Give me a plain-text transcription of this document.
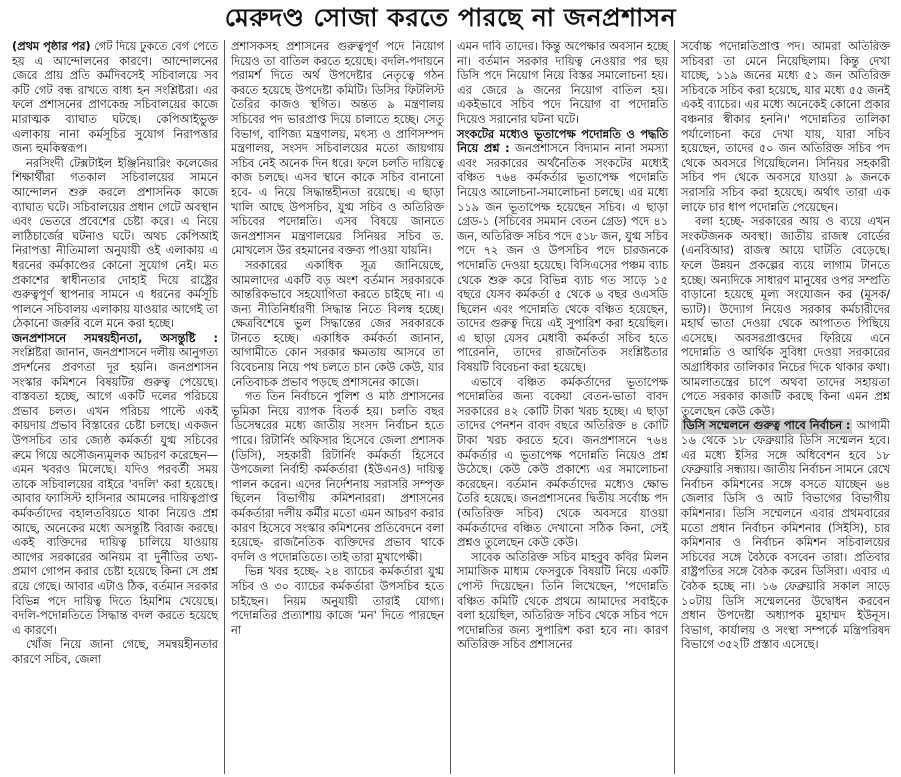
মেরুদণ্ড সোজা করতে পারছে না জনপ্রশাসন

(প্রথম পৃষ্ঠার পর) গেট দিয়ে ঢুকতে বেগ পেতে হয় এ আন্দোলনের কারণে। আন্দোলনের জেরে প্রায় প্রতি কর্মদিবসেই সচিবালয়ে সব কটি গেট বন্ধ রাখতে বাধ্য হন সংশ্লিষ্টরা। এর ফলে প্রশাসনের প্রাণকেন্দ্র সচিবালয়ের কাজে মারাত্মক ব্যাঘাত ঘটছে। কেপিআইভুক্ত এলাকায় নানা কর্মসূচির সুযোগ নিরাপত্তার জন্য হুমকিস্বরূপ।

নরসিংদী টেক্সটাইল ইঞ্জিনিয়ারিং কলেজের শিক্ষার্থীরা গতকাল সচিবালয়ের সামনে আন্দোলন শুরু করলে প্রশাসনিক কাজে ব্যাঘাত ঘটে। সচিবালয়ের প্রধান গেটে অবস্থান এবং ভেতরে প্রবেশের চেষ্টা করে। এ নিয়ে লাঠিচার্জের ঘটনাও ঘটে। অথচ কেপিআই নিরাপত্তা নীতিমালা অনুযায়ী ওই এলাকায় এ ধরনের কর্মকাণ্ডের কোনো সুযোগ নেই। মত প্রকাশের স্বাধীনতার দোহাই দিয়ে রাষ্ট্রের গুরুত্বপূর্ণ স্থাপনার সামনে এ ধরনের কর্মসূচি পালনে সচিবালয় এলাকায় যাওয়ার আগেই তা ঠেকানো জরুরি বলে মনে করা হচ্ছে।

জনপ্রশাসনে সমন্বয়হীনতা, অসন্তুষ্টি : সংশ্লিষ্টরা জানান, জনপ্রশাসনে দলীয় আনুগত্য প্রদর্শনের প্রবণতা দূর হয়নি। জনপ্রশাসন সংস্কার কমিশনে বিষয়টির গুরুত্ব পেয়েছে। বাস্তবতা হচ্ছে, আগে একটি দলের পরিচয়ে প্রভাব চলত। এখন পরিচয় পাল্টে একই কায়দায় প্রভাব বিস্তারের চেষ্টা চলছে। একজন উপসচিব তার জ্যেষ্ঠ কর্মকর্তা যুগ্ম সচিবের রুমে গিয়ে অসৌজন্যমূলক আচরণ করেছেন—এমন খবরও মিলেছে। যদিও পরবর্তী সময় তাকে সচিবালয়ের বাইরে 'বদলি' করা হয়েছে। আবার ফ্যাসিস্ট হাসিনার আমলের দায়িত্বপ্রাপ্ত কর্মকর্তাদের বহালতবিয়তে থাকা নিয়েও প্রশ্ন আছে, অনেকের মধ্যে অসন্তুষ্টি বিরাজ করছে। একই ব্যক্তিদের দায়িত্ব চালিয়ে যাওয়ায় আগের সরকারের অনিয়ম বা দুর্নীতির তথ্য-প্রমাণ গোপন করার চেষ্টা হয়েছে কিনা সে প্রশ্ন রয়ে গেছে। আবার এটাও ঠিক, বর্তমান সরকার বিভিন্ন পদে দায়িত্ব দিতে হিমশিম খেয়েছে। বদলি-পদোন্নতিতে সিদ্ধান্ত বদল করতে হয়েছে এ কারণে।

খোঁজ নিয়ে জানা গেছে, সমন্বয়হীনতার কারণে সচিব, জেলা

প্রশাসকসহ প্রশাসনের গুরুত্বপূর্ণ পদে নিয়োগ দিয়েও তা বাতিল করতে হয়েছে। বদলি-পদায়নে পরামর্শ দিতে অর্থ উপদেষ্টার নেতৃত্বে গঠন করতে হয়েছে উপদেষ্টা কমিটি। ডিসির ফিটলিস্ট তৈরির কাজও স্থগিত। অন্তত ৯ মন্ত্রণালয় সচিবের পদ ভারপ্রাপ্ত দিয়ে চালাতে হচ্ছে। সেতু বিভাগ, বাণিজ্য মন্ত্রণালয়, মৎস্য ও প্রাণিসম্পদ মন্ত্রণালয়, সংসদ সচিবালয়ের মতো জায়গায় সচিব নেই অনেক দিন ধরে। ফলে চলতি দায়িত্বে কাজ চলছে। এসব স্থানে কাকে সচিব বানানো হবে- এ নিয়ে সিদ্ধান্তহীনতা রয়েছে। এ ছাড়া খালি আছে উপসচিব, যুগ্ম সচিব ও অতিরিক্ত সচিবের পদোন্নতি। এসব বিষয়ে জানতে জনপ্রশাসন মন্ত্রণালয়ের সিনিয়র সচিব ড. মোখলেস উর রহমানের বক্তব্য পাওয়া যায়নি।

সরকারের একাধিক সূত্র জানিয়েছে, আমলাদের একটি বড় অংশ বর্তমান সরকারকে আন্তরিকভাবে সহযোগিতা করতে চাইছে না। এ জন্য নীতিনির্ধারণী সিদ্ধান্ত নিতে বিলম্ব হচ্ছে। ক্ষেত্রবিশেষে ভুল সিদ্ধান্তের জের সরকারকে টানতে হচ্ছে। একাধিক কর্মকর্তা জানান, আগামীতে কোন সরকার ক্ষমতায় আসবে তা বিবেচনায় নিয়ে পথ চলতে চান কেউ কেউ, যার নেতিবাচক প্রভাব পড়ছে প্রশাসনের কাজে।

গত তিন নির্বাচনে পুলিশ ও মাঠ প্রশাসনের ভূমিকা নিয়ে ব্যাপক বিতর্ক হয়। চলতি বছর ডিসেম্বরের মধ্যে জাতীয় সংসদ নির্বাচন হতে পারে। রিটার্নিং অফিসার হিসেবে জেলা প্রশাসক (ডিসি), সহকারী রিটার্নিং কর্মকর্তা হিসেবে উপজেলা নির্বাহী কর্মকর্তারা (ইউএনও) দায়িত্ব পালন করেন। এদের নির্দেশনায় সরাসরি সম্পৃক্ত ছিলেন বিভাগীয় কমিশনাররা। প্রশাসনের কর্মকর্তারা দলীয় কর্মীর মতো এমন আচরণ করার কারণ হিসেবে সংস্কার কমিশনের প্রতিবেদনে বলা হয়েছে- রাজনৈতিক ব্যক্তিদের প্রভাব থাকে বদলি ও পদোন্নতিতে। তাই তারা মুখাপেক্ষী।

ভিন্ন খবর হচ্ছে- ২৪ ব্যাচের কর্মকর্তারা যুগ্ম সচিব ও ৩০ ব্যাচের কর্মকর্তারা উপসচিব হতে চাইছেন। নিয়ম অনুযায়ী তারাই যোগ্য। পদোন্নতির প্রত্যাশায় কাজে 'মন' দিতে পারছেন না

এমন দাবি তাদের। কিন্তু অপেক্ষার অবসান হচ্ছে না। বর্তমান সরকার দায়িত্ব নেওয়ার পর ছয় ডিসি পদে নিয়োগ নিয়ে বিস্তর সমালোচনা হয়। এর জেরে ৯ জনের নিয়োগ বাতিল হয়। একইভাবে সচিব পদে নিয়োগ বা পদোন্নতি দিয়েও সরানোর ঘটনা ঘটে।

সংকটের মধ্যেও ভূতাপেক্ষ পদোন্নতি ও পদ্ধতি নিয়ে প্রশ্ন : জনপ্রশাসনে বিদ্যমান নানা সমস্যা এবং সরকারের অর্থনৈতিক সংকটের মধ্যেই বঞ্চিত ৭৬৪ কর্মকর্তার ভূতাপেক্ষ পদোন্নতি নিয়েও আলোচনা-সমালোচনা চলছে। এর মধ্যে ১১৯ জন ভূতাপেক্ষ হয়েছেন সচিব। এ ছাড়া গ্রেড-১ (সচিবের সমমান বেতন গ্রেড) পদে ৪১ জন, অতিরিক্ত সচিব পদে ৫১৮ জন, যুগ্ম সচিব পদে ৭২ জন ও উপসচিব পদে চারজনকে পদোন্নতি দেওয়া হয়েছে। বিসিএসের পঞ্চম ব্যাচ থেকে শুরু করে বিভিন্ন ব্যাচ গত সাড়ে ১৫ বছরে যেসব কর্মকর্তা ৫ থেকে ৬ বছর ওএসডি ছিলেন এবং পদোন্নতি থেকে বঞ্চিত হয়েছেন, তাদের গুরুত্ব দিয়ে এই সুপারিশ করা হয়েছিল। এ ছাড়া যেসব মেধাবী কর্মকর্তা সচিব হতে পারেননি, তাদের রাজনৈতিক সংশ্লিষ্টতার বিষয়টি বিবেচনা করা হয়েছে।

এভাবে বঞ্চিত কর্মকর্তাদের ভূতাপেক্ষ পদোন্নতির জন্য বকেয়া বেতন-ভাতা বাবদ সরকারের ৪২ কোটি টাকা খরচ হচ্ছে। এ ছাড়া তাদের পেনশন বাবদ বছরে অতিরিক্ত ৪ কোটি টাকা খরচ করতে হবে। জনপ্রশাসনে ৭৬৪ কর্মকর্তার এ ভূতাপেক্ষ পদোন্নতি নিয়েও প্রশ্ন উঠেছে। কেউ কেউ প্রকাশ্যে এর সমালোচনা করেছেন। বর্তমান কর্মকর্তাদের মধ্যেও ক্ষোভ তৈরি হয়েছে। জনপ্রশাসনের দ্বিতীয় সর্বোচ্চ পদ (অতিরিক্ত সচিব) থেকে অবসরে যাওয়া কর্মকর্তাদের বঞ্চিত দেখানো সঠিক কিনা, সেই প্রশ্নও তুলেছেন কেউ কেউ।

সাবেক অতিরিক্ত সচিব মাহবুব কবির মিলন সামাজিক মাধ্যম ফেসবুকে বিষয়টি নিয়ে একটি পোস্ট দিয়েছেন। তিনি লিখেছেন, 'পদোন্নতি বঞ্চিত কমিটি থেকে প্রথমে আমাদের সবাইকে বলা হয়েছিল, অতিরিক্ত সচিব থেকে সচিব পদে পদোন্নতির জন্য সুপারিশ করা হবে না। কারণ অতিরিক্ত সচিব প্রশাসনের

সর্বোচ্চ পদোন্নতিপ্রাপ্ত পদ। আমরা অতিরিক্ত সচিবরা তা মেনে নিয়েছিলাম। কিন্তু দেখা যাচ্ছে, ১১৯ জনের মধ্যে ৫১ জন অতিরিক্ত সচিবকে সচিব করা হয়েছে, যার মধ্যে ৫৫ জনই একই ব্যাচের। এর মধ্যে অনেকেই কোনো প্রকার বঞ্চনার স্বীকার হননি।' পদোন্নতির তালিকা পর্যালোচনা করে দেখা যায়, যারা সচিব হয়েছেন, তাদের ৫০ জন অতিরিক্ত সচিব পদ থেকে অবসরে গিয়েছিলেন। সিনিয়র সহকারী সচিব পদ থেকে অবসরে যাওয়া ৯ জনকে সরাসরি সচিব করা হয়েছে। অর্থাৎ তারা এক লাফে চার ধাপ পদোন্নতি পেয়েছেন।

বলা হচ্ছে- সরকারের আয় ও ব্যয়ে এখন সংকটজনক অবস্থা। জাতীয় রাজস্ব বোর্ডের (এনবিআর) রাজস্ব আয়ে ঘাটতি বেড়েছে। ফলে উন্নয়ন প্রকল্পের ব্যয়ে লাগাম টানতে হচ্ছে। অন্যদিকে সাধারণ মানুষের ওপর সম্প্রতি বাড়ানো হয়েছে মূল্য সংযোজন কর (মূসক/ভ্যাট)। উদ্যোগ নিয়েও সরকার কর্মচারীদের মহার্ঘ ভাতা দেওয়া থেকে আপাতত পিছিয়ে এসেছে। অবসরপ্রাপ্তদের ফিরিয়ে এনে পদোন্নতি ও আর্থিক সুবিধা দেওয়া সরকারের অগ্রাধিকার তালিকার নিচের দিকে থাকার কথা। আমলাতন্ত্রের চাপে অথবা তাদের সহায়তা পেতে সরকার কাজটি করছে কিনা এমন প্রশ্ন তুলেছেন কেউ কেউ।

ডিসি সম্মেলনে গুরুত্ব পাবে নির্বাচন : আগামী ১৬ থেকে ১৮ ফেব্রুয়ারি ডিসি সম্মেলন হবে। এর মধ্যে ইসির সঙ্গে অধিবেশন হবে ১৮ ফেব্রুয়ারি সন্ধ্যায়। জাতীয় নির্বাচন সামনে রেখে নির্বাচন কমিশনের সঙ্গে বসতে যাচ্ছেন ৬৪ জেলার ডিসি ও আট বিভাগের বিভাগীয় কমিশনার। ডিসি সম্মেলনে এবার প্রথমবারের মতো প্রধান নির্বাচন কমিশনার (সিইসি), চার কমিশনার ও নির্বাচন কমিশন সচিবালয়ের সচিবের সঙ্গে বৈঠকে বসবেন তারা। প্রতিবার রাষ্ট্রপতির সঙ্গে বৈঠক করেন ডিসিরা। এবার এ বৈঠক হচ্ছে না। ১৬ ফেব্রুয়ারি সকাল সাড়ে ১০টায় ডিসি সম্মেলনের উদ্বোধন করবেন প্রধান উপদেষ্টা অধ্যাপক মুহাম্মদ ইউনূস। বিভাগ, কার্যালয় ও সংস্থা সম্পর্কে মন্ত্রিপরিষদ বিভাগে ৩৫২টি প্রস্তাব এসেছে।
